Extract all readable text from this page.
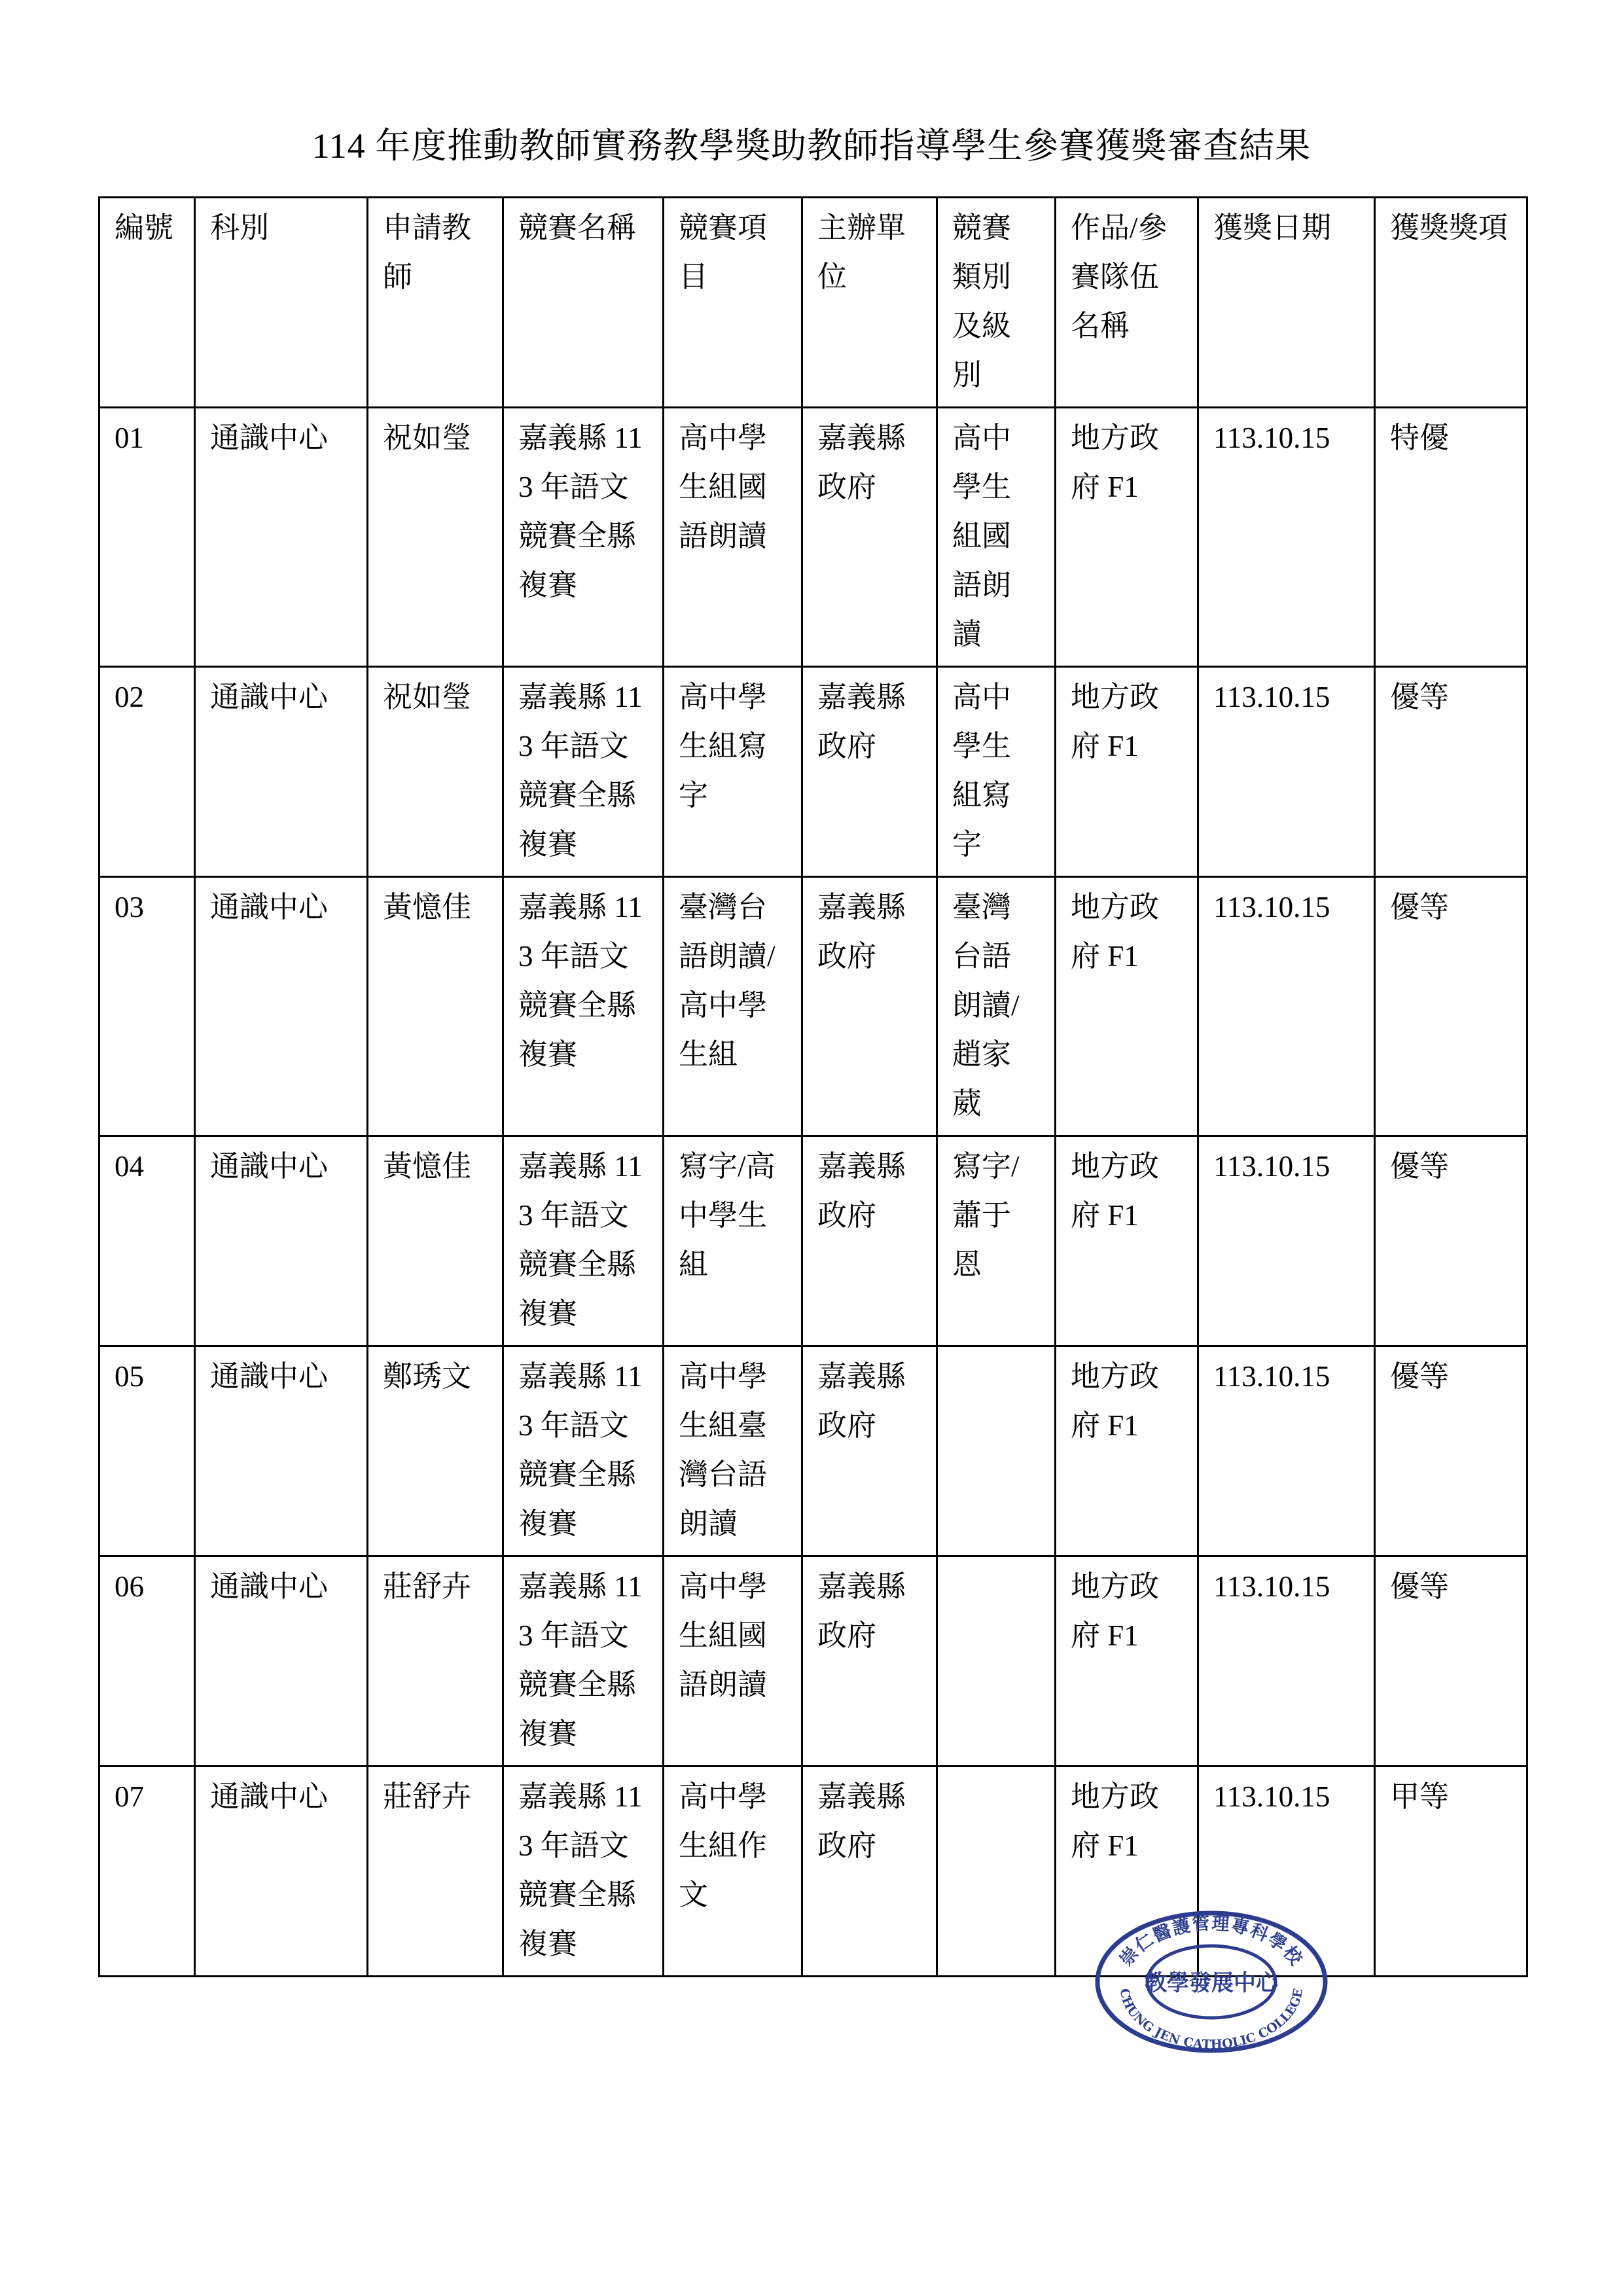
114 年度推動教師實務教學獎助教師指導學生參賽獲獎審查結果
編號	科別	申請教師	競賽名稱	競賽項目	主辦單位	競賽類別及級別	作品/參賽隊伍名稱	獲獎日期	獲獎獎項
01	通識中心	祝如瑩	嘉義縣 113 年語文競賽全縣複賽	高中學生組國語朗讀	嘉義縣政府	高中學生組國語朗讀	地方政府 F1	113.10.15	特優
02	通識中心	祝如瑩	嘉義縣 113 年語文競賽全縣複賽	高中學生組寫字	嘉義縣政府	高中學生組寫字	地方政府 F1	113.10.15	優等
03	通識中心	黃憶佳	嘉義縣 113 年語文競賽全縣複賽	臺灣台語朗讀/高中學生組	嘉義縣政府	臺灣台語朗讀/趙家葳	地方政府 F1	113.10.15	優等
04	通識中心	黃憶佳	嘉義縣 113 年語文競賽全縣複賽	寫字/高中學生組	嘉義縣政府	寫字/蕭于恩	地方政府 F1	113.10.15	優等
05	通識中心	鄭琇文	嘉義縣 113 年語文競賽全縣複賽	高中學生組臺灣台語朗讀	嘉義縣政府		地方政府 F1	113.10.15	優等
06	通識中心	莊舒卉	嘉義縣 113 年語文競賽全縣複賽	高中學生組國語朗讀	嘉義縣政府		地方政府 F1	113.10.15	優等
07	通識中心	莊舒卉	嘉義縣 113 年語文競賽全縣複賽	高中學生組作文	嘉義縣政府		地方政府 F1	113.10.15	甲等
崇仁醫護管理專科學校
教學發展中心
CHUNG JEN CATHOLIC COLLEGE
